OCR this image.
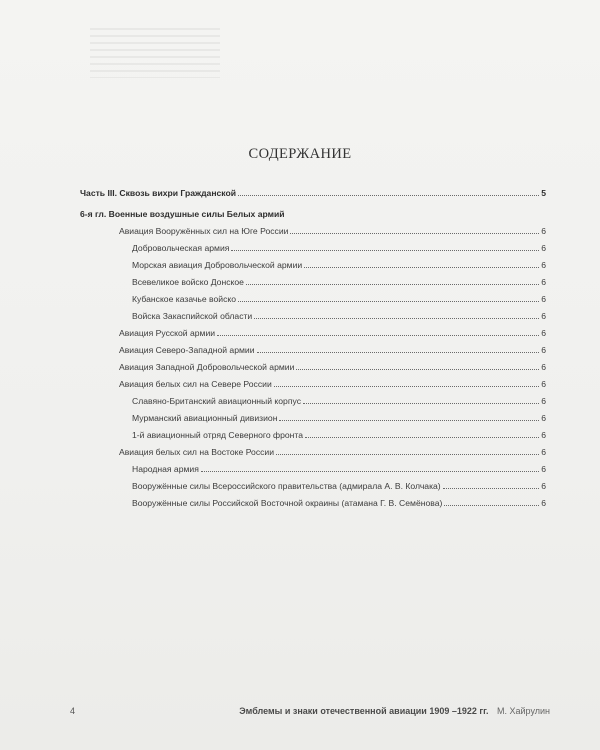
СОДЕРЖАНИЕ
Часть III. Сквозь вихри Гражданской	5
6-я гл. Военные воздушные силы Белых армий
Авиация Вооружённых сил на Юге России	6
Добровольческая армия	6
Морская авиация Добровольческой армии	6
Всевеликое войско Донское	6
Кубанское казачье войско	6
Войска Закаспийской области	6
Авиация Русской армии	6
Авиация Северо-Западной армии	6
Авиация Западной Добровольческой армии	6
Авиация белых сил на Севере России	6
Славяно-Британский авиационный корпус	6
Мурманский авиационный дивизион	6
1-й авиационный отряд Северного фронта	6
Авиация белых сил на Востоке России	6
Народная армия	6
Вооружённые силы Всероссийского правительства (адмирала А. В. Колчака)	6
Вооружённые силы Российской Восточной окраины (атамана Г. В. Семёнова)	6
4	Эмблемы и знаки отечественной авиации 1909 –1922 гг. М. Хайрулин
